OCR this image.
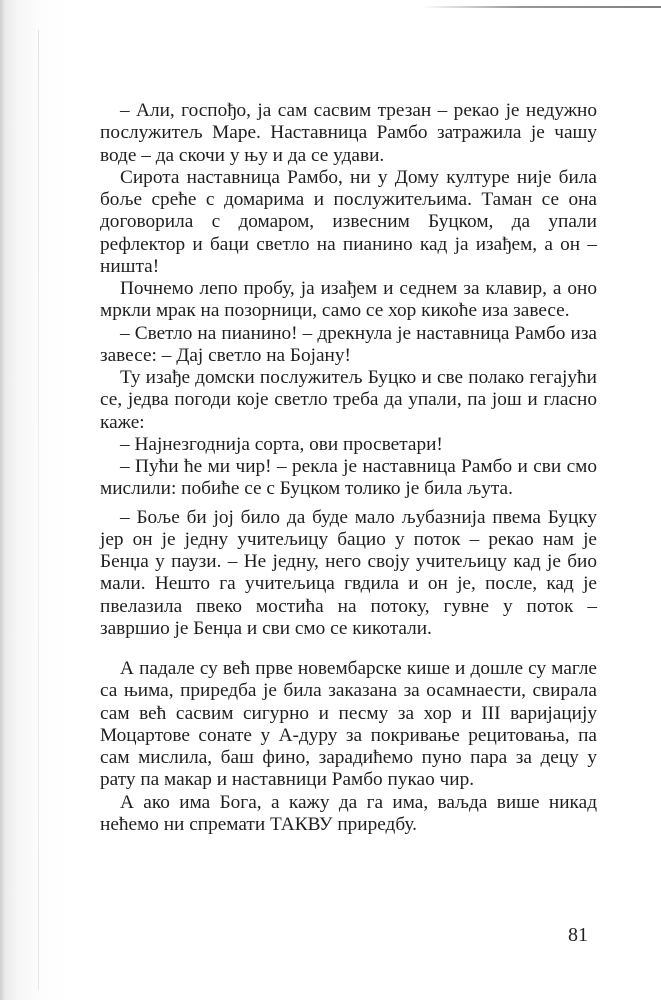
– Али, госпођо, ја сам сасвим трезан – рекао је недужно послужитељ Маре. Наставница Рамбо затражила је чашу воде – да скочи у њу и да се удави.

Сирота наставница Рамбо, ни у Дому културе није била боље среће с домарима и послужитељима. Таман се она договорила с домаром, извесним Буцком, да упали рефлектор и баци светло на пианино кад ја изађем, а он – ништа!

Почнемо лепо пробу, ја изађем и седнем за клавир, а оно мркли мрак на позорници, само се хор кикоће иза завесе.

– Светло на пианино! – дрекнула је наставница Рамбо иза завесе: – Дај светло на Бојану!

Ту изађе домски послужитељ Буцко и све полако гегајући се, једва погоди које светло треба да упали, па још и гласно каже:

– Најнезгоднија сорта, ови просветари!

– Пући ће ми чир! – рекла је наставница Рамбо и сви смо мислили: побиће се с Буцком толико је била љута.

– Боље би јој било да буде мало љубазнија пвема Буцку јер он је једну учитељицу бацио у поток – рекао нам је Бенџа у паузи. – Не једну, него своју учитељицу кад је био мали. Нешто га учитељица гвдила и он је, после, кад је пвелазила пвеко мостића на потоку, гувне у поток – завршио је Бенџа и сви смо се кикотали.

А падале су већ прве новембарске кише и дошле су магле са њима, приредба је била заказана за осамнаести, свирала сам већ сасвим сигурно и песму за хор и III варијацију Моцартове сонате у А-дуру за покривање рецитовања, па сам мислила, баш фино, зарадићемо пуно пара за децу у рату па макар и наставници Рамбо пукао чир.

А ако има Бога, а кажу да га има, ваљда више никад нећемо ни спремати ТАКВУ приредбу.

81
